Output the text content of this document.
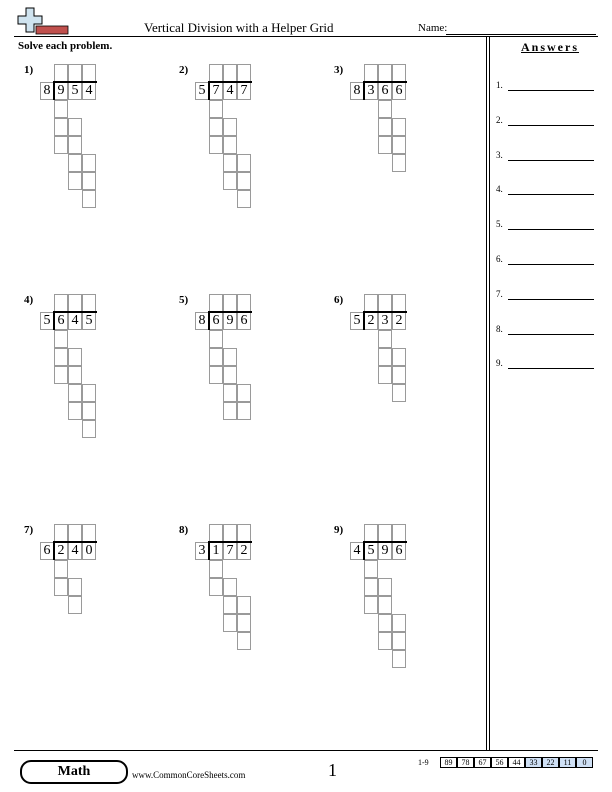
Vertical Division with a Helper Grid	Name:
Solve each problem.	Answers
1.
2.
3.
4.
5.
6.
7.
8.
9.
1)
8 9 5 4
2)
5 7 4 7
3)
8 3 6 6
4)
5 6 4 5
5)
8 6 9 6
6)
5 2 3 2
7)
6 2 4 0
8)
3 1 7 2
9)
4 5 9 6
Math	www.CommonCoreSheets.com	1	1-9	89	78	67	56	44	33	22	11	0
